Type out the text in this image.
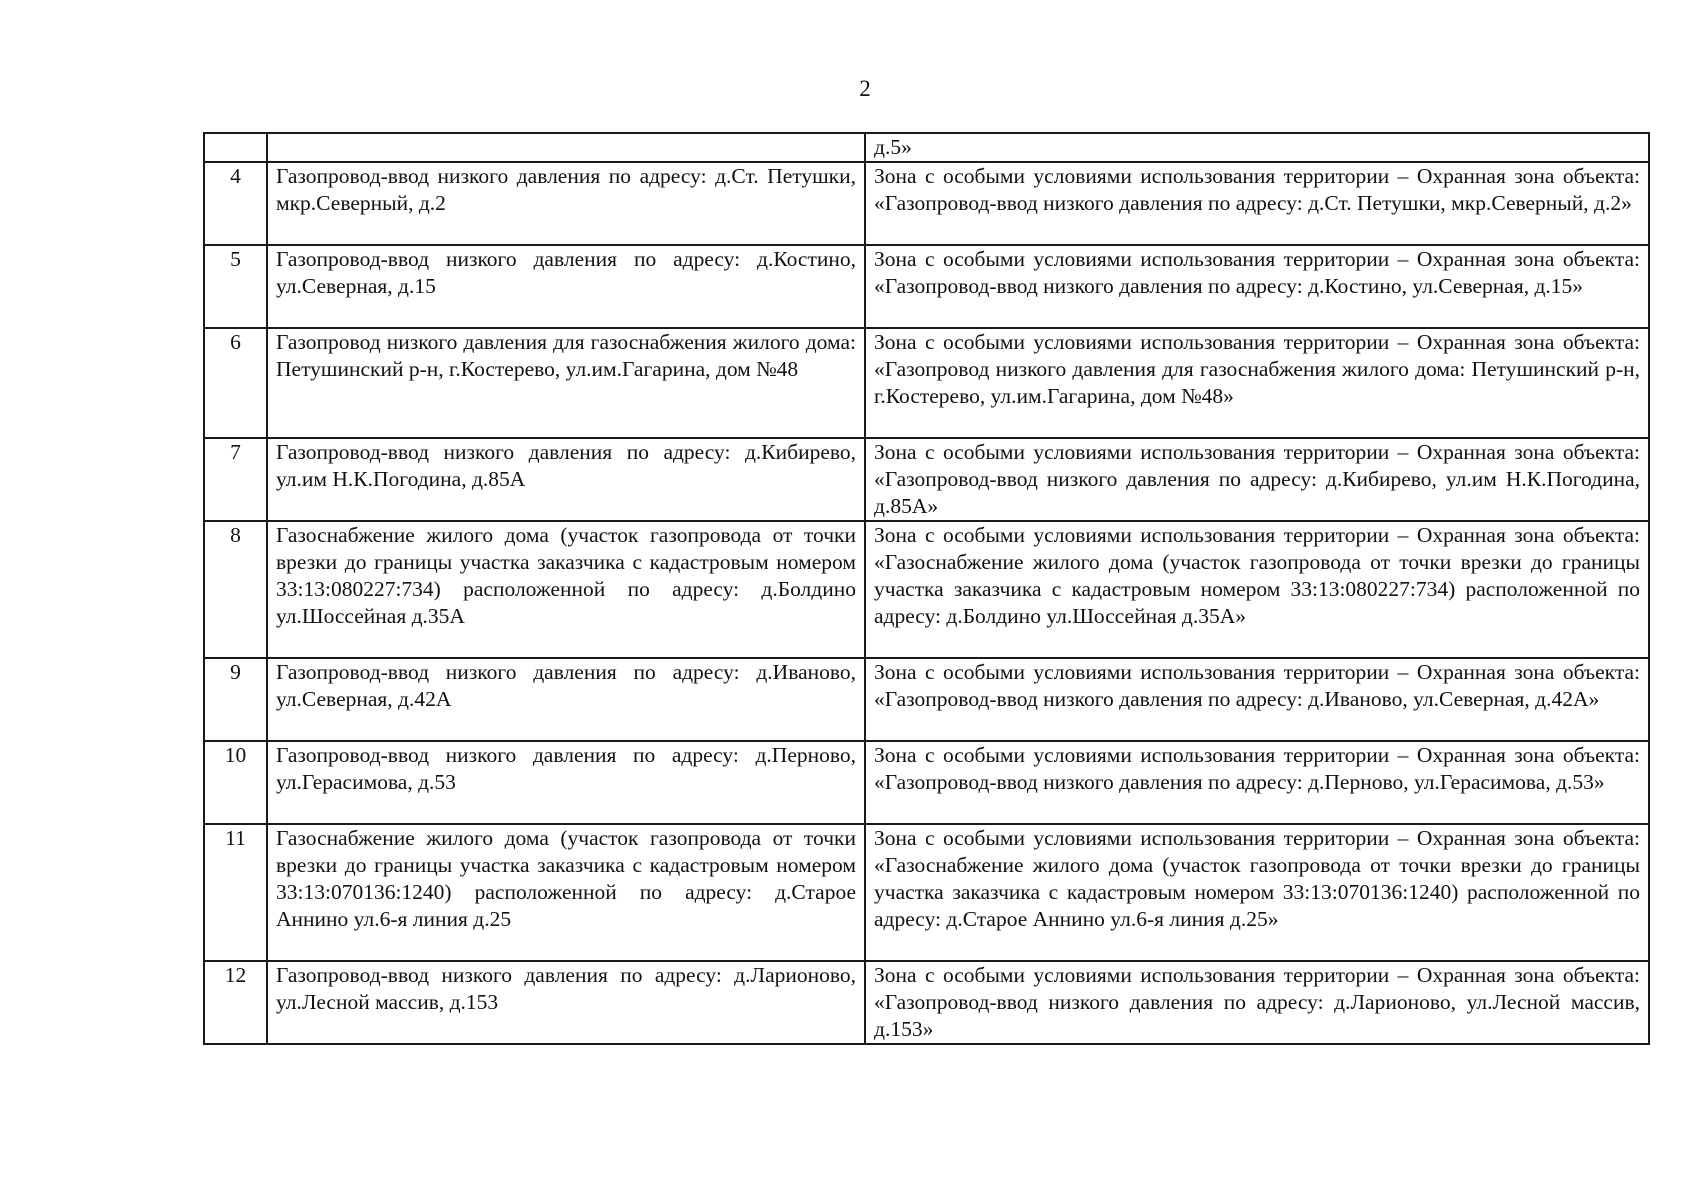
2
		д.5»
4	Газопровод-ввод низкого давления по адресу: д.Ст. Петушки, мкр.Северный, д.2	Зона с особыми условиями использования территории – Охранная зона объекта: «Газопровод-ввод низкого давления по адресу: д.Ст. Петушки, мкр.Северный, д.2»
5	Газопровод-ввод низкого давления по адресу: д.Костино, ул.Северная, д.15	Зона с особыми условиями использования территории – Охранная зона объекта: «Газопровод-ввод низкого давления по адресу: д.Костино, ул.Северная, д.15»
6	Газопровод низкого давления для газоснабжения жилого дома: Петушинский р-н, г.Костерево, ул.им.Гагарина, дом №48	Зона с особыми условиями использования территории – Охранная зона объекта: «Газопровод низкого давления для газоснабжения жилого дома: Петушинский р-н, г.Костерево, ул.им.Гагарина, дом №48»
7	Газопровод-ввод низкого давления по адресу: д.Кибирево, ул.им Н.К.Погодина, д.85А	Зона с особыми условиями использования территории – Охранная зона объекта: «Газопровод-ввод низкого давления по адресу: д.Кибирево, ул.им Н.К.Погодина, д.85А»
8	Газоснабжение жилого дома (участок газопровода от точки врезки до границы участка заказчика с кадастровым номером 33:13:080227:734) расположенной по адресу: д.Болдино ул.Шоссейная д.35А	Зона с особыми условиями использования территории – Охранная зона объекта: «Газоснабжение жилого дома (участок газопровода от точки врезки до границы участка заказчика с кадастровым номером 33:13:080227:734) расположенной по адресу: д.Болдино ул.Шоссейная д.35А»
9	Газопровод-ввод низкого давления по адресу: д.Иваново, ул.Северная, д.42А	Зона с особыми условиями использования территории – Охранная зона объекта: «Газопровод-ввод низкого давления по адресу: д.Иваново, ул.Северная, д.42А»
10	Газопровод-ввод низкого давления по адресу: д.Перново, ул.Герасимова, д.53	Зона с особыми условиями использования территории – Охранная зона объекта: «Газопровод-ввод низкого давления по адресу: д.Перново, ул.Герасимова, д.53»
11	Газоснабжение жилого дома (участок газопровода от точки врезки до границы участка заказчика с кадастровым номером 33:13:070136:1240) расположенной по адресу: д.Старое Аннино ул.6-я линия д.25	Зона с особыми условиями использования территории – Охранная зона объекта: «Газоснабжение жилого дома (участок газопровода от точки врезки до границы участка заказчика с кадастровым номером 33:13:070136:1240) расположенной по адресу: д.Старое Аннино ул.6-я линия д.25»
12	Газопровод-ввод низкого давления по адресу: д.Ларионово, ул.Лесной массив, д.153	Зона с особыми условиями использования территории – Охранная зона объекта: «Газопровод-ввод низкого давления по адресу: д.Ларионово, ул.Лесной массив, д.153»
